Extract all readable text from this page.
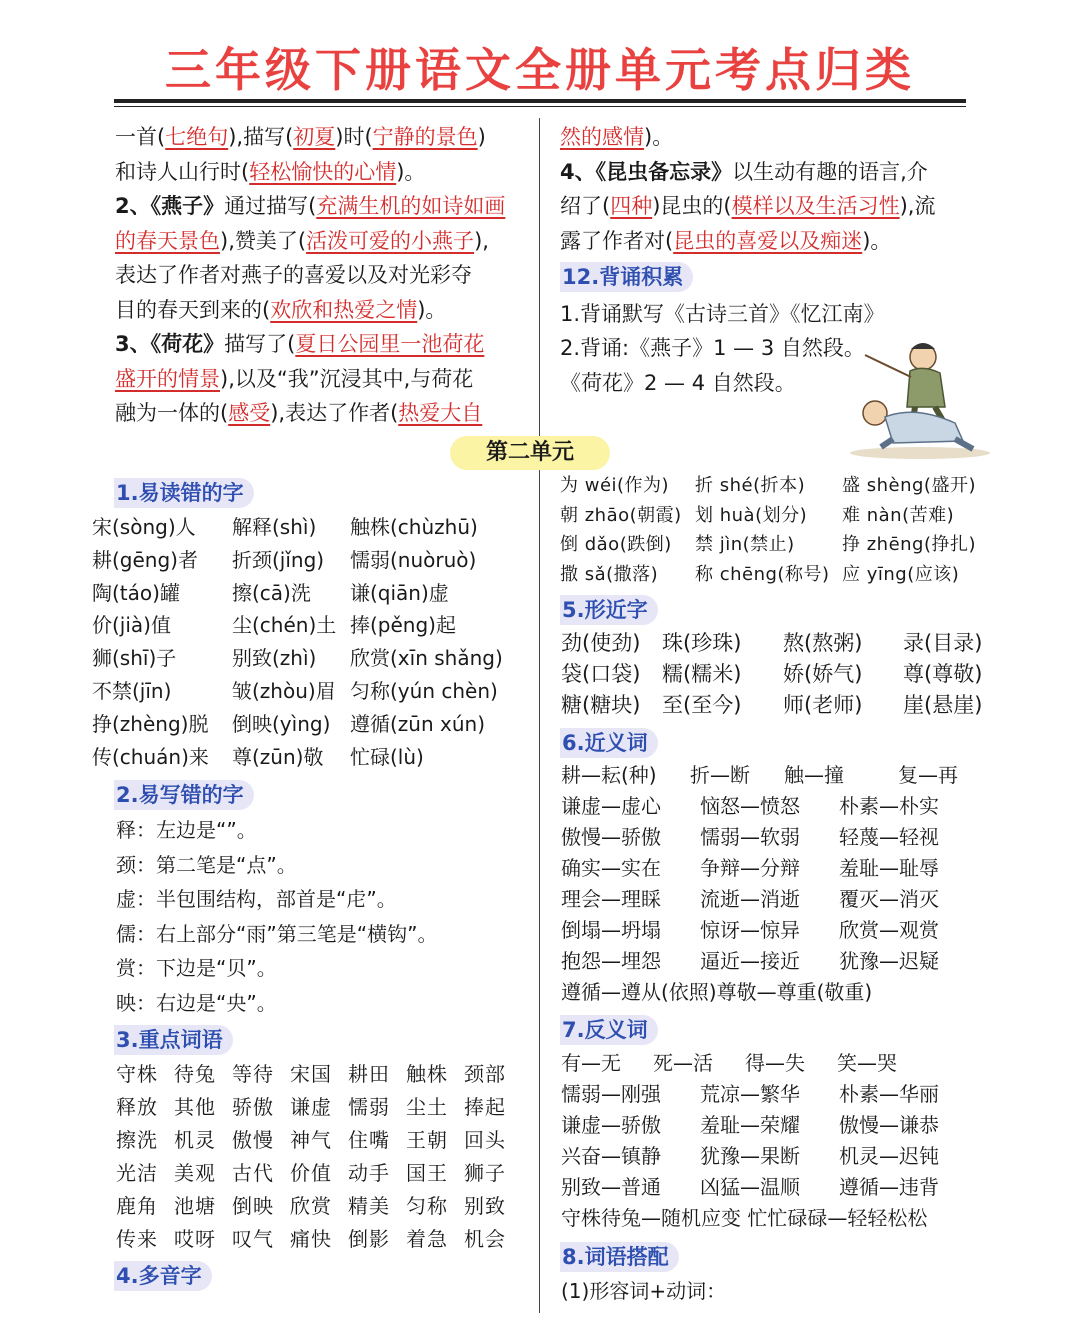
三年级下册语文全册单元考点归类

一首(七绝句),描写(初夏)时(宁静的景色)

和诗人山行时(轻松愉快的心情)。

2、《燕子》通过描写(充满生机的如诗如画

的春天景色),赞美了(活泼可爱的小燕子),

表达了作者对燕子的喜爱以及对光彩夺

目的春天到来的(欢欣和热爱之情)。

3、《荷花》描写了(夏日公园里一池荷花

盛开的情景),以及“我”沉浸其中,与荷花

融为一体的(感受),表达了作者(热爱大自

然的感情)。

4、《昆虫备忘录》以生动有趣的语言,介

绍了(四种)昆虫的(模样以及生活习性),流

露了作者对(昆虫的喜爱以及痴迷)。

12.背诵积累

1.背诵默写《古诗三首》《忆江南》

2.背诵:《燕子》1 — 3 自然段。

《荷花》2 — 4 自然段。

第二单元
1.易读错的字
宋(sòng)人	解释(shì)	触株(chùzhū)
耕(gēng)者	折颈(jǐng)	懦弱(nuòruò)
陶(táo)罐	擦(cā)洗	谦(qiān)虚
价(jià)值	尘(chén)土 捧(pěng)起
狮(shī)子	别致(zhì)	欣赏(xīn shǎng)
不禁(jīn)	皱(zhòu)眉 匀称(yún chèn)
挣(zhèng)脱	倒映(yìng) 遵循(zūn xún)
传(chuán)来	尊(zūn)敬	忙碌(lù)
2.易写错的字
释：左边是“”。
颈：第二笔是“点”。
虚：半包围结构，部首是“虍”。
儒：右上部分“雨”第三笔是“横钩”。
赏：下边是“贝”。
映：右边是“央”。
3.重点词语
守株 待兔 等待 宋国 耕田 触株 颈部
释放 其他 骄傲 谦虚 懦弱 尘土 捧起
擦洗 机灵 傲慢 神气 住嘴 王朝 回头
光洁 美观 古代 价值 动手 国王 狮子
鹿角 池塘 倒映 欣赏 精美 匀称 别致
传来 哎呀 叹气 痛快 倒影 着急 机会
4.多音字
为 wéi(作为)	折 shé(折本)	盛 shèng(盛开)
朝 zhāo(朝霞) 划 huà(划分)	难 nàn(苦难)
倒 dǎo(跌倒)	禁 jìn(禁止)	挣 zhēng(挣扎)
撒 sǎ(撒落)	称 chēng(称号) 应 yīng(应该)
5.形近字
劲(使劲)	珠(珍珠)	熬(熬粥)	录(目录)
袋(口袋)	糯(糯米)	娇(娇气)	尊(尊敬)
糖(糖块)	至(至今)	师(老师)	崖(悬崖)
6.近义词
耕—耘(种)	折—断	触—撞	复—再
谦虚—虚心	恼怒—愤怒	朴素—朴实
傲慢—骄傲	懦弱—软弱	轻蔑—轻视
确实—实在	争辩—分辩	羞耻—耻辱
理会—理睬	流逝—消逝	覆灭—消灭
倒塌—坍塌	惊讶—惊异	欣赏—观赏
抱怨—埋怨	逼近—接近	犹豫—迟疑
遵循—遵从(依照)尊敬—尊重(敬重)
7.反义词
有—无	死—活	得—失	笑—哭
懦弱—刚强	荒凉—繁华	朴素—华丽
谦虚—骄傲	羞耻—荣耀	傲慢—谦恭
兴奋—镇静	犹豫—果断	机灵—迟钝
别致—普通	凶猛—温顺	遵循—违背
守株待兔—随机应变 忙忙碌碌—轻轻松松
8.词语搭配
(1)形容词+动词：
